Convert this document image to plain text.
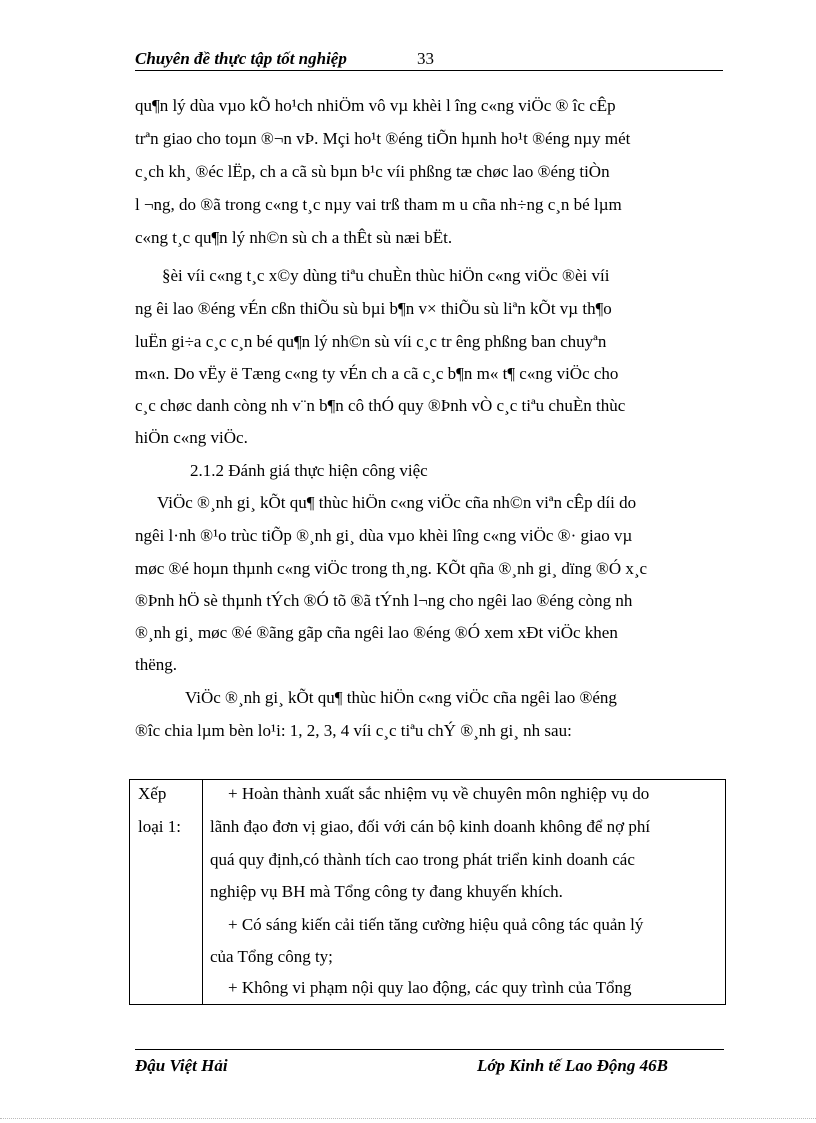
Chuyên đề thực tập tốt nghiệp	33
qu¶n lý dùa vµo kÕ ho¹ch nhiÖm vô vµ khèi l îng c«ng viÖc ® îc cÊp
trªn giao cho toµn ®¬n vÞ. Mçi ho¹t ®éng tiÕn hµnh ho¹t ®éng nµy mét
c¸ch kh¸ ®éc lËp, ch a cã sù bµn b¹c víi phßng tæ chøc lao ®éng tiÒn
l ¬ng, do ®ã trong c«ng t¸c nµy vai trß tham m u cña nh÷ng c¸n bé lµm
c«ng t¸c qu¶n lý nh©n sù ch a thÊt sù næi bËt.
§èi víi c«ng t¸c x©y dùng tiªu chuÈn thùc hiÖn c«ng viÖc ®èi víi
ng êi lao ®éng vÉn cßn thiÕu sù bµi b¶n v× thiÕu sù liªn kÕt vµ th¶o
luËn gi÷a c¸c c¸n bé qu¶n lý nh©n sù víi c¸c tr êng phßng ban chuyªn
m«n. Do vËy ë Tæng c«ng ty vÉn ch a cã c¸c b¶n m« t¶ c«ng viÖc cho
c¸c chøc danh còng nh v¨n b¶n cô thÓ quy ®Þnh vÒ c¸c tiªu chuÈn thùc
hiÖn c«ng viÖc.
2.1.2 Đánh giá thực hiện công việc
ViÖc ®¸nh gi¸ kÕt qu¶ thùc hiÖn c«ng viÖc cña nh©n viªn cÊp díi do
ngêi l·nh ®¹o trùc tiÕp ®¸nh gi¸ dùa vµo khèi lîng c«ng viÖc ®· giao vµ
møc ®é hoµn thµnh c«ng viÖc trong th¸ng. KÕt qña ®¸nh gi¸ dïng ®Ó x¸c
®Þnh hÖ sè thµnh tÝch ®Ó tõ ®ã tÝnh l¬ng cho ngêi lao ®éng còng nh
®¸nh gi¸ møc ®é ®ãng gãp cña ngêi lao ®éng ®Ó xem xÐt viÖc khen
thëng.
ViÖc ®¸nh gi¸ kÕt qu¶ thùc hiÖn c«ng viÖc cña ngêi lao ®éng
®îc chia lµm bèn lo¹i: 1, 2, 3, 4 víi c¸c tiªu chÝ ®¸nh gi¸ nh sau:
Xếp
loại 1:
+ Hoàn thành xuất sắc nhiệm vụ về chuyên môn nghiệp vụ do
lãnh đạo đơn vị giao, đối với cán bộ kinh doanh không để nợ phí
quá quy định,có thành tích cao trong phát triển kinh doanh các
nghiệp vụ BH mà Tổng công ty đang khuyến khích.
+ Có sáng kiến cải tiến tăng cường hiệu quả công tác quản lý
của Tổng công ty;
+ Không vi phạm nội quy lao động, các quy trình của Tổng
Đậu Việt Hải	Lớp Kinh tế Lao Động 46B
